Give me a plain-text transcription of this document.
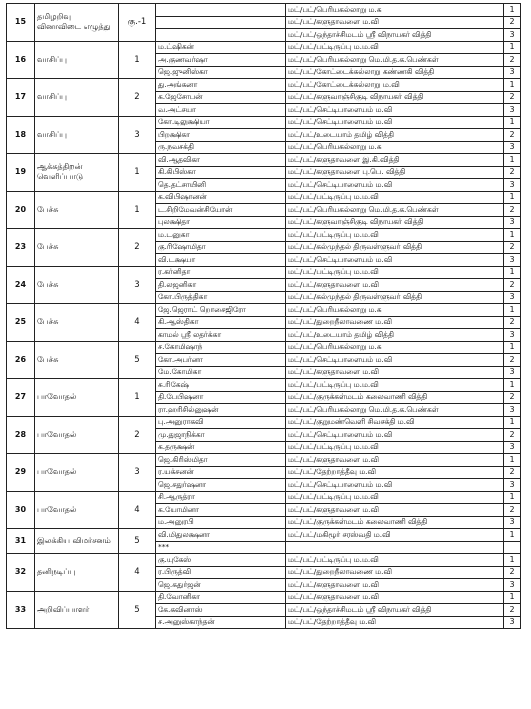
15	தமிழறிவு வினாவிடை எழுத்து	கு.-1		மட்/பட்/பெரியகல்லாறு ம.க	1
				மட்/பட்/களுதாவளை ம.வி	2
				மட்/பட்/ஒந்தாச்சிமடம் ஸ்ரீ விநாயகர் வித்தி	3
16	வாசிப்பு	1	ம.ட்ஷிகன்	மட்/பட்/பட்டிருப்பு ம.ம.வி	1
			அ.குணவர்ஷா	மட்/பட்/பெரியகல்லாறு மெ.மி.த.க.பெண்கள்	2
			ஜெ.ஜுனிஸ்கா	மட்/பட்/கோட்டைக்கல்லாறு கண்ணகி வித்தி	3
17	வாசிப்பு	2	து.அங்கனா	மட்/பட்/கோட்டைக்கல்லாறு ம.வி	1
			க.ஜேசோபன்	மட்/பட்/களுவாஞ்சிகுடி விநாயகர் வித்தி	2
			வ.அட்சயா	மட்/பட்/செட்டிபாளையம் ம.வி	3
18	வாசிப்பு	3	கோ.டிலுக்ஷியா	மட்/பட்/செட்டிபாளையம் ம.வி	1
			பிறக்ஷிகா	மட்/பட்/உடையாம் தமிழ் வித்தி	2
			ரு.நவசக்தி	மட்/பட்/பெரியகல்லாறு ம.க	3
19	ஆக்கத்திறன் வெளிப்பாடு	1	வி.ஆதவிகா	மட்/பட்/களுதாவளை இ.கி.வித்தி	1
			கி.கிபிஸ்கா	மட்/பட்/களுதாவளை பு.பெ. வித்தி	2
			தெ.தட்சாயினி	மட்/பட்/செட்டிபாளையம் ம.வி	3
20	பேச்சு	1	க.விபிஷானன்	மட்/பட்/பட்டிருப்பு ம.ம.வி	1
			ட.சிறிமேவன்சியோன்	மட்/பட்/பெரியகல்லாறு மெ.மி.த.க.பெண்கள்	2
			புலக்ஷிதா	மட்/பட்/களுவாஞ்சிகுடி விநாயகர் வித்தி	3
23	பேச்சு	2	ம.டனுகா	மட்/பட்/பட்டிருப்பு ம.ம.வி	1
			கு.ரிஷோமிதா	மட்/பட்/கல்முந்தல் திருவள்ளுவர் வித்தி	2
			வி.டக்ஷயா	மட்/பட்/செட்டிபாளையம் ம.வி	3
24	பேச்சு	3	ர.கர்னிதா	மட்/பட்/பட்டிருப்பு ம.ம.வி	1
			தி.லஜனிகா	மட்/பட்/களுதாவளை ம.வி	2
			கோ.பிருத்திகா	மட்/பட்/கல்முந்தல் திருவள்ளுவர் வித்தி	3
25	பேச்சு	4	ஜே.ஜெராட் றொசைஜிரோ	மட்/பட்/பெரியகல்லாறு ம.க	1
			கி.ஆஸ்திகா	மட்/பட்/துறைநீலாவணை ம.வி	2
			காமல் ஸ்ரீ லதர்க்கா	மட்/பட்/உடையாம் தமிழ் வித்தி	3
26	பேச்சு	5	ச.கோமிஷாந்	மட்/பட்/பெரியகல்லாறு ம.க	1
			கோ.அபர்னா	மட்/பட்/செட்டிபாளையம் ம.வி	2
			மே.கோமிகா	மட்/பட்/களுதாவளை ம.வி	3
27	பாவோதல்	1	சு.ரிகேஷ்	மட்/பட்/பட்டிருப்பு ம.ம.வி	1
			தி.பேபிஷனா	மட்/பட்/குருக்கள்மடம் கலைவாணி வித்தி	2
			ரா.ஹரிசில்னுஷன்	மட்/பட்/பெரியகல்லாறு மெ.மி.த.க.பெண்கள்	3
28	பாவோதல்	2	பு.அனுராகவி	மட்/பட்/குறுமண்வெளி சிவசக்தி ம.வி	1
			மு.துஜாநிக்கா	மட்/பட்/செட்டிபாளையம் ம.வி	2
			க.தருக்ஷன்	மட்/பட்/பட்டிருப்பு ம.ம.வி	3
29	பாவோதல்	3	ஜெ.கிரிஸ்மிதா	மட்/பட்/களுதாவளை ம.வி	1
			ர.யக்சனன்	மட்/பட்/தேற்றாத்தீவு ம.வி	2
			ஜெ.சதுர்ஷனா	மட்/பட்/செட்டிபாளையம் ம.வி	3
30	பாவோதல்	4	சி.ஆருத்ரா	மட்/பட்/பட்டிருப்பு ம.ம.வி	1
			க.யோமினா	மட்/பட்/களுதாவளை ம.வி	2
			ம.அனுரபி	மட்/பட்/குருக்கள்மடம் கலைவாணி வித்தி	3
31	இலக்கிய விமர்சனம்	5	வி.மிதுலக்ஷனா	மட்/பட்/மகிழூர் சரஸ்வதி ம.வி	1
			***		
32	தனிநடிப்பு	4	கு.யுகேஸ்	மட்/பட்/பட்டிருப்பு ம.ம.வி	1
			ர.பிருத்வி	மட்/பட்/துறைநீலாவணை ம.வி	2
			ஜெ.கதுர்ஜன்	மட்/பட்/களுதாவளை ம.வி	3
33	அறிவிப்பாளர்	5	தி.வோனிகா	மட்/பட்/களுதாவளை ம.வி	1
			கே.கவினாஸ்	மட்/பட்/ஒந்தாச்சிமடம் ஸ்ரீ விநாயகர் வித்தி	2
			ச.அனுஸ்காந்தன்	மட்/பட்/தேற்றாத்தீவு ம.வி	3
